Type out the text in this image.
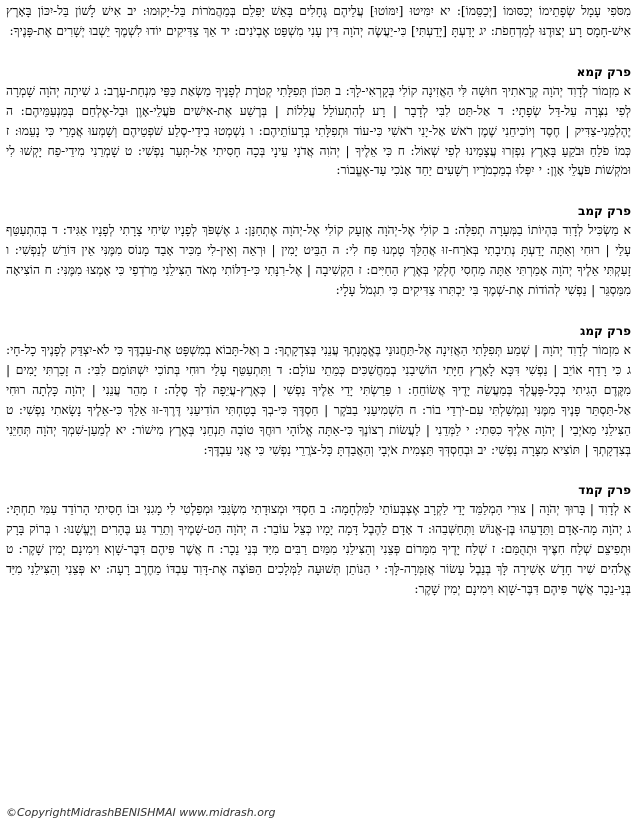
מִסֹּפִי עָמָל שְׂפָתֵימוֹ יְכַסּוּמוֹ [יְכַסֵּמוֹ]: יא יִמִּיטוּ [יִמּוֹטוּ] עֲלֵיהֶם גֶּחָלִים בָּאֵשׁ יַפִּלֵם בְּמַהֲמֹרוֹת בַּל-יָקוּמוּ: יב אִישׁ לָשׁוֹן בַּל-יִכּוֹן בָּאָרֶץ אִישׁ-חָמָס רָע יְצוּדֶנּוּ לְמַדְחֵפֹת: יג יָדַעְתָּ [יָדַעְתִּי] כִּי-יַעֲשֶׂה יְהֹוָה דִּין עָנִי מִשְׁפַּט אֶבְיֹנִים: יד אַךְ צַדִּיקִים יוֹדוּ לִשְׁמֶךָ יֵשְׁבוּ יְשָׁרִים אֶת-פָּנֶיךָ:

פרק קמא

א מִזְמוֹר לְדָוִד יְהֹוָה קְרָאתִיךָ חוּשָׁה לִּי הַאֲזִינָה קוֹלִי בְּקָרְאִי-לָךְ: ב תִּכּוֹן תְּפִלָּתִי קְטֹרֶת לְפָנֶיךָ מַשְׂאַת כַּפַּי מִנְחַת-עָרֶב: ג שִׁיתָה יְהֹוָה שָׁמְרָה לְפִי נִצְּרָה עַל-דַּל שְׂפָתָי: ד אַל-תַּט לִבִּי לְדָבָר | רָע לְהִתְעוֹלֵל עֲלִלוֹת | בְּרֶשַׁע אֶת-אִישִׁים פֹּעֲלֵי-אָוֶן וּבַל-אֶלְחַם בְּמַנְעַמֵּיהֶם: ה יֶהֶלְמֵנִי-צַדִּיק | חֶסֶד וְיוֹכִיחֵנִי שֶׁמֶן רֹאשׁ אַל-יָנִי רֹאשִׁי כִּי-עוֹד וּתְפִלָּתִי בְּרָעוֹתֵיהֶם: ו נִשְׁמְטוּ בִידֵי-סֶלַע שֹׁפְטֵיהֶם וְשָׁמְעוּ אֲמָרַי כִּי נָעֵמוּ: ז כְּמוֹ פֹלֵחַ וּבֹקֵעַ בָּאָרֶץ נִפְזְרוּ עֲצָמֵינוּ לְפִי שְׁאוֹל: ח כִּי אֵלֶיךָ | יְהֹוִה אֲדֹנָי עֵינָי בְּכָה חָסִיתִי אַל-תְּעַר נַפְשִׁי: ט שָׁמְרֵנִי מִידֵי-פַח יָקְשׁוּ לִי וּמֹקְשׁוֹת פֹּעֲלֵי אָוֶן: י יִפְּלוּ בְמַכְמֹרָיו רְשָׁעִים יַחַד אָנֹכִי עַד-אֶעֱבוֹר:

פרק קמב

א מַשְׂכִּיל לְדָוִד בִּהְיוֹתוֹ בַמְּעָרָה תְפִלָּה: ב קוֹלִי אֶל-יְהֹוָה אֶזְעָק קוֹלִי אֶל-יְהֹוָה אֶתְחַנָּן: ג אֶשְׁפֹּךְ לְפָנָיו שִׂיחִי צָרָתִי לְפָנָיו אַגִּיד: ד בְּהִתְעַטֵּף עָלַי | רוּחִי וְאַתָּה יָדַעְתָּ נְתִיבָתִי בְּאֹרַח-זוּ אֲהַלֵּךְ טָמְנוּ פַח לִי: ה הַבֵּיט יָמִין | וּרְאֵה וְאֵין-לִי מַכִּיר אָבַד מָנוֹס מִמֶּנִּי אֵין דּוֹרֵשׁ לְנַפְשִׁי: ו זָעַקְתִּי אֵלֶיךָ יְהֹוָה אָמַרְתִּי אַתָּה מַחְסִי חֶלְקִי בְּאֶרֶץ הַחַיִּים: ז הַקְשִׁיבָה | אֶל-רִנָּתִי כִּי-דַלּוֹתִי מְאֹד הַצִּילֵנִי מֵרֹדְפַי כִּי אָמְצוּ מִמֶּנִּי: ח הוֹצִיאָה מִמַּסְגֵּר | נַפְשִׁי לְהוֹדוֹת אֶת-שְׁמֶךָ בִּי יַכְתִּרוּ צַדִּיקִים כִּי תִגְמֹל עָלָי:

פרק קמג

א מִזְמוֹר לְדָוִד יְהֹוָה | שְׁמַע תְּפִלָּתִי הַאֲזִינָה אֶל-תַּחֲנוּנַי בֶּאֱמֻנָתְךָ עֲנֵנִי בְּצִדְקָתֶךָ: ב וְאַל-תָּבוֹא בְמִשְׁפָּט אֶת-עַבְדֶּךָ כִּי לֹא-יִצְדַּק לְפָנֶיךָ כָל-חָי: ג כִּי רָדַף אוֹיֵב | נַפְשִׁי דִּכָּא לָאָרֶץ חַיָּתִי הוֹשִׁיבַנִי בְמַחֲשַׁכִּים כְּמֵתֵי עוֹלָם: ד וַתִּתְעַטֵּף עָלַי רוּחִי בְּתוֹכִי יִשְׁתּוֹמֵם לִבִּי: ה זָכַרְתִּי יָמִים | מִקֶּדֶם הָגִיתִי בְכָל-פָּעֳלֶךָ בְּמַעֲשֵׂה יָדֶיךָ אֲשׂוֹחֵחַ: ו פֵּרַשְׂתִּי יָדַי אֵלֶיךָ נַפְשִׁי | כְּאֶרֶץ-עֲיֵפָה לְךָ סֶלָה: ז מַהֵר עֲנֵנִי | יְהֹוָה כָּלְתָה רוּחִי אַל-תַּסְתֵּר פָּנֶיךָ מִמֶּנִּי וְנִמְשַׁלְתִּי עִם-יֹרְדֵי בוֹר: ח הַשְׁמִיעֵנִי בַבֹּקֶר | חַסְדֶּךָ כִּי-בְךָ בָטָחְתִּי הוֹדִיעֵנִי דֶּרֶךְ-זוּ אֵלֵךְ כִּי-אֵלֶיךָ נָשָׂאתִי נַפְשִׁי: ט הַצִּילֵנִי מֵאֹיְבַי | יְהֹוָה אֵלֶיךָ כִסִּתִי: י לַמְּדֵנִי | לַעֲשׂוֹת רְצוֹנֶךָ כִּי-אַתָּה אֱלוֹהָי רוּחֲךָ טוֹבָה תַּנְחֵנִי בְּאֶרֶץ מִישׁוֹר: יא לְמַעַן-שִׁמְךָ יְהֹוָה תְּחַיֵּנִי בְּצִדְקָתְךָ | תּוֹצִיא מִצָּרָה נַפְשִׁי: יב וּבְחַסְדְּךָ תַּצְמִית אֹיְבָי וְהַאֲבַדְתָּ כָּל-צֹרֲרֵי נַפְשִׁי כִּי אֲנִי עַבְדֶּךָ:

פרק קמד

א לְדָוִד | בָּרוּךְ יְהֹוָה | צוּרִי הַמְלַמֵּד יָדַי לַקְרָב אֶצְבְּעוֹתַי לַמִּלְחָמָה: ב חַסְדִּי וּמְצוּדָתִי מִשְׂגַּבִּי וּמְפַלְטִי לִי מָגִנִּי וּבוֹ חָסִיתִי הָרוֹדֵד עַמִּי תַחְתָּי: ג יְהֹוָה מָה-אָדָם וַתֵּדָעֵהוּ בֶּן-אֱנוֹשׁ וַתְּחַשְּׁבֵהוּ: ד אָדָם לַהֶבֶל דָּמָה יָמָיו כְּצֵל עוֹבֵר: ה יְהֹוָה הַט-שָׁמֶיךָ וְתֵרֵד גַּע בֶּהָרִים וְיֶעֱשָׁנוּ: ו בְּרוֹק בָּרָק וּתְפִיצֵם שְׁלַח חִצֶּיךָ וּתְהֻמֵּם: ז שְׁלַח יָדֶיךָ מִמָּרוֹם פְּצֵנִי וְהַצִּילֵנִי מִמַּיִם רַבִּים מִיַּד בְּנֵי נֵכָר: ח אֲשֶׁר פִּיהֶם דִּבֶּר-שָׁוְא וִימִינָם יְמִין שָׁקֶר: ט אֱלֹהִים שִׁיר חָדָשׁ אָשִׁירָה לָּךְ בְּנֵבֶל עָשׂוֹר אֲזַמְּרָה-לָּךְ: י הַנּוֹתֵן תְּשׁוּעָה לַמְּלָכִים הַפּוֹצֶה אֶת-דָּוִד עַבְדּוֹ מֵחֶרֶב רָעָה: יא פְּצֵנִי וְהַצִּילֵנִי מִיַּד בְּנֵי-נֵכָר אֲשֶׁר פִּיהֶם דִּבֶּר-שָׁוְא וִימִינָם יְמִין שָׁקֶר:

©CopyrightMidrashBENISHMAI www.midrash.org
